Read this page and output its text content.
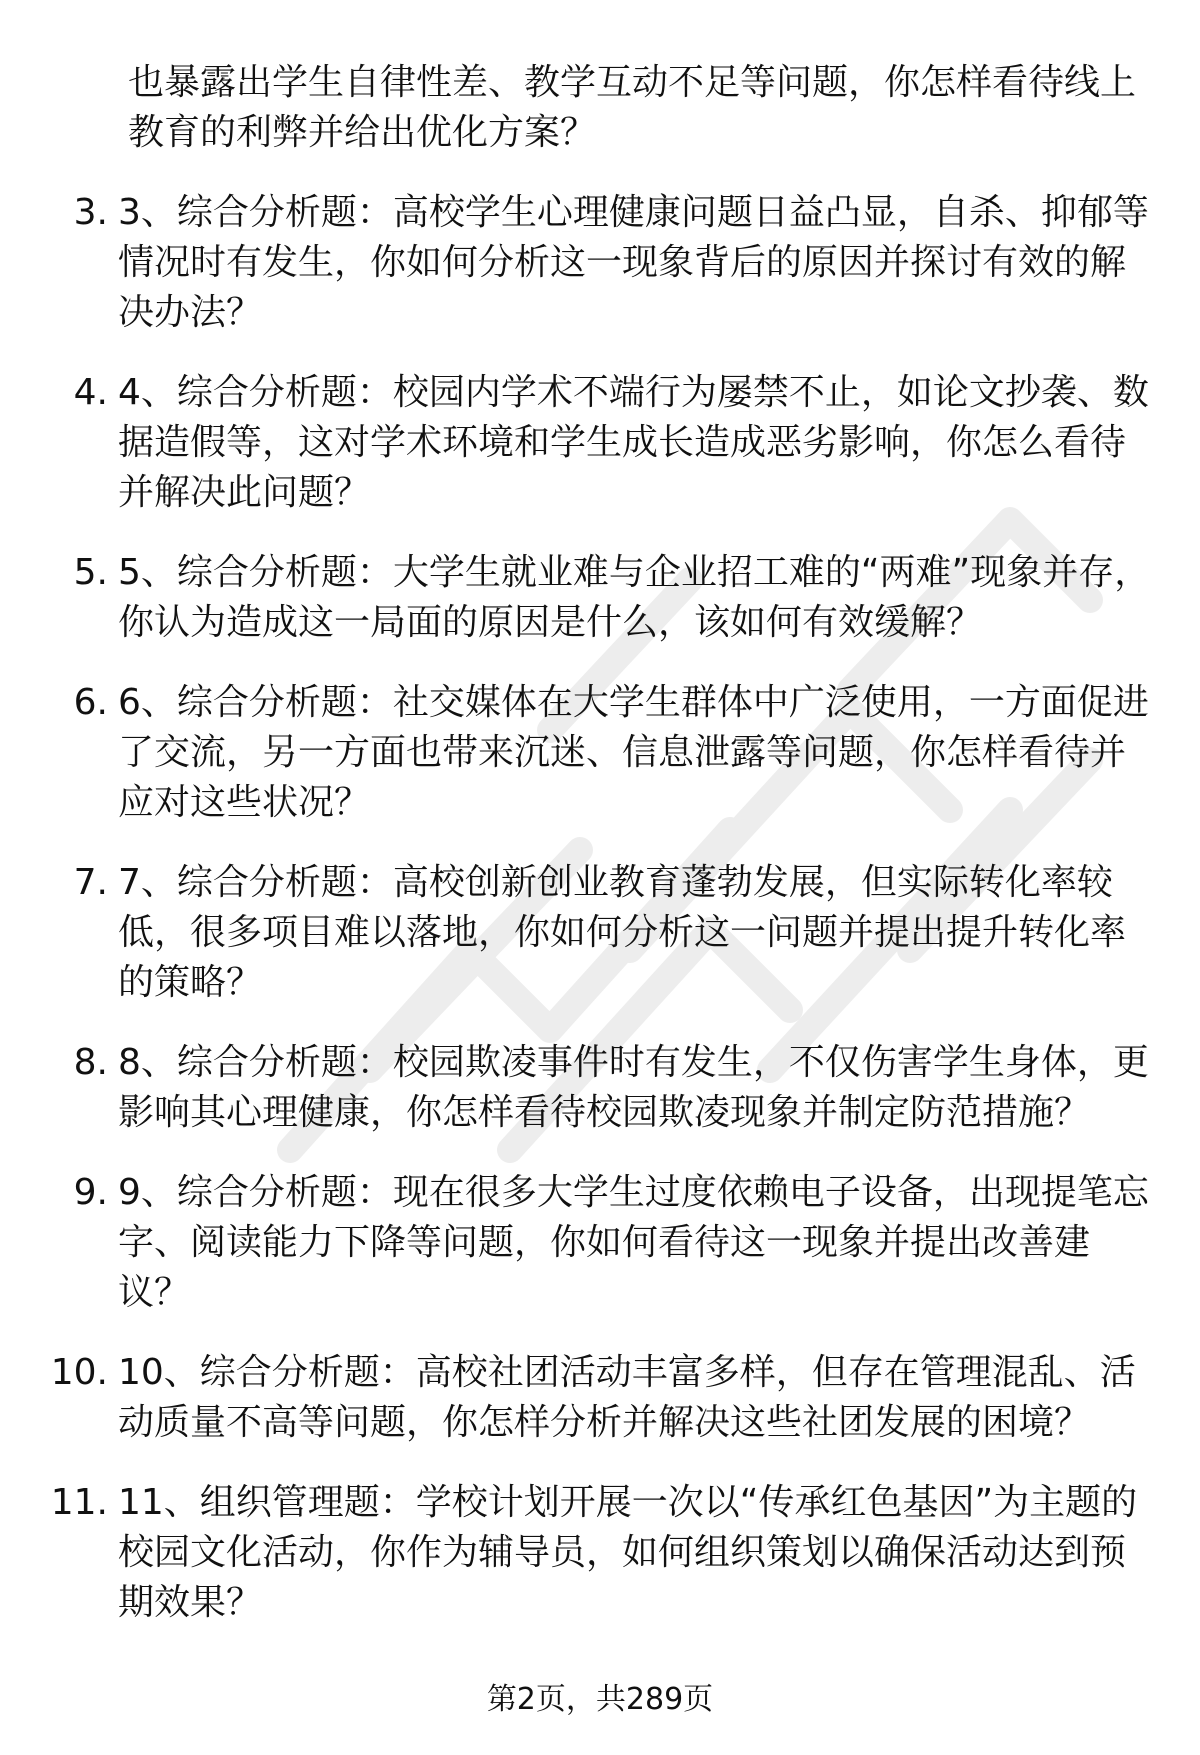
也暴露出学生自律性差、教学互动不足等问题，你怎样看待线上教育的利弊并给出优化方案？

3. 3、综合分析题：高校学生心理健康问题日益凸显，自杀、抑郁等情况时有发生，你如何分析这一现象背后的原因并探讨有效的解决办法？
4. 4、综合分析题：校园内学术不端行为屡禁不止，如论文抄袭、数据造假等，这对学术环境和学生成长造成恶劣影响，你怎么看待并解决此问题？
5. 5、综合分析题：大学生就业难与企业招工难的“两难”现象并存，你认为造成这一局面的原因是什么，该如何有效缓解？
6. 6、综合分析题：社交媒体在大学生群体中广泛使用，一方面促进了交流，另一方面也带来沉迷、信息泄露等问题，你怎样看待并应对这些状况？
7. 7、综合分析题：高校创新创业教育蓬勃发展，但实际转化率较低，很多项目难以落地，你如何分析这一问题并提出提升转化率的策略？
8. 8、综合分析题：校园欺凌事件时有发生，不仅伤害学生身体，更影响其心理健康，你怎样看待校园欺凌现象并制定防范措施？
9. 9、综合分析题：现在很多大学生过度依赖电子设备，出现提笔忘字、阅读能力下降等问题，你如何看待这一现象并提出改善建议？
10. 10、综合分析题：高校社团活动丰富多样，但存在管理混乱、活动质量不高等问题，你怎样分析并解决这些社团发展的困境？
11. 11、组织管理题：学校计划开展一次以“传承红色基因”为主题的校园文化活动，你作为辅导员，如何组织策划以确保活动达到预期效果？
第2页，共289页
